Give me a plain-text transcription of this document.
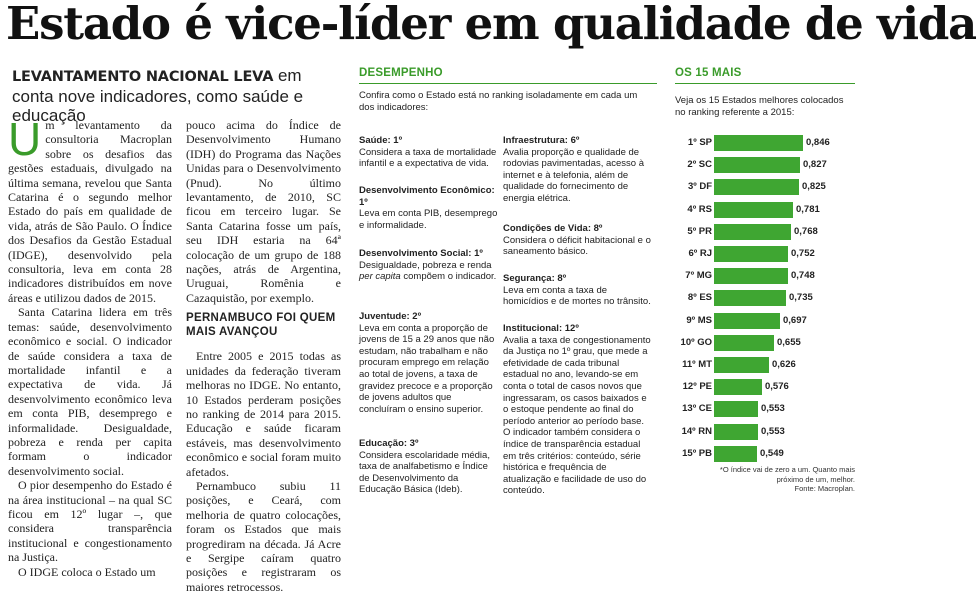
Estado é vice-líder em qualidade de vida
LEVANTAMENTO NACIONAL LEVA em conta nove indicadores, como saúde e educação

Um levantamento da consultoria Macroplan sobre os desafios das gestões estaduais, divulgado na última semana, revelou que Santa Catarina é o segundo melhor Estado do país em qualidade de vida, atrás de São Paulo. O Índice dos Desafios da Gestão Estadual (IDGE), desenvolvido pela consultoria, leva em conta 28 indicadores distribuídos em nove áreas e utilizou dados de 2015.

Santa Catarina lidera em três temas: saúde, desenvolvimento econômico e social. O indicador de saúde considera a taxa de mortalidade infantil e a expectativa de vida. Já desenvolvimento econômico leva em conta PIB, desemprego e informalidade. Desigualdade, pobreza e renda per capita formam o indicador desenvolvimento social.

O pior desempenho do Estado é na área institucional – na qual SC ficou em 12º lugar –, que considera transparência institucional e congestionamento na Justiça.

O IDGE coloca o Estado um

pouco acima do Índice de Desenvolvimento Humano (IDH) do Programa das Nações Unidas para o Desenvolvimento (Pnud). No último levantamento, de 2010, SC ficou em terceiro lugar. Se Santa Catarina fosse um país, seu IDH estaria na 64ª colocação de um grupo de 188 nações, atrás de Argentina, Uruguai, Romênia e Cazaquistão, por exemplo.

PERNAMBUCO FOI QUEM MAIS AVANÇOU

Entre 2005 e 2015 todas as unidades da federação tiveram melhoras no IDGE. No entanto, 10 Estados perderam posições no ranking de 2014 para 2015. Educação e saúde ficaram estáveis, mas desenvolvimento econômico e social foram muito afetados.

Pernambuco subiu 11 posições, e Ceará, com melhoria de quatro colocações, foram os Estados que mais progrediram na década. Já Acre e Sergipe caíram quatro posições e registraram os maiores retrocessos.

DESEMPENHO
Confira como o Estado está no ranking isoladamente em cada um dos indicadores:
Saúde: 1º
Considera a taxa de mortalidade infantil e a expectativa de vida.
Desenvolvimento Econômico: 1º
Leva em conta PIB, desemprego e informalidade.
Desenvolvimento Social: 1º
Desigualdade, pobreza e renda per capita compõem o indicador.
Juventude: 2º
Leva em conta a proporção de jovens de 15 a 29 anos que não estudam, não trabalham e não procuram emprego em relação ao total de jovens, a taxa de gravidez precoce e a proporção de jovens adultos que concluíram o ensino superior.
Educação: 3º
Considera escolaridade média, taxa de analfabetismo e Índice de Desenvolvimento da Educação Básica (Ideb).
Infraestrutura: 6º
Avalia proporção e qualidade de rodovias pavimentadas, acesso à internet e à telefonia, além de qualidade do fornecimento de energia elétrica.
Condições de Vida: 8º
Considera o déficit habitacional e o saneamento básico.
Segurança: 8º
Leva em conta a taxa de homicídios e de mortes no trânsito.
Institucional: 12º
Avalia a taxa de congestionamento da Justiça no 1º grau, que mede a efetividade de cada tribunal estadual no ano, levando-se em conta o total de casos novos que ingressaram, os casos baixados e o estoque pendente ao final do período anterior ao período base. O indicador também considera o índice de transparência estadual em três critérios: conteúdo, série histórica e frequência de atualização e facilidade de uso do conteúdo.
OS 15 MAIS
Veja os 15 Estados melhores colocados no ranking referente a 2015:
1º SP	0,846
2º SC	0,827
3º DF	0,825
4º RS	0,781
5º PR	0,768
6º RJ	0,752
7º MG	0,748
8º ES	0,735
9º MS	0,697
10º GO	0,655
11º MT	0,626
12º PE	0,576
13º CE	0,553
14º RN	0,553
15º PB	0,549
*O índice vai de zero a um. Quanto mais próximo de um, melhor.
Fonte: Macroplan.
